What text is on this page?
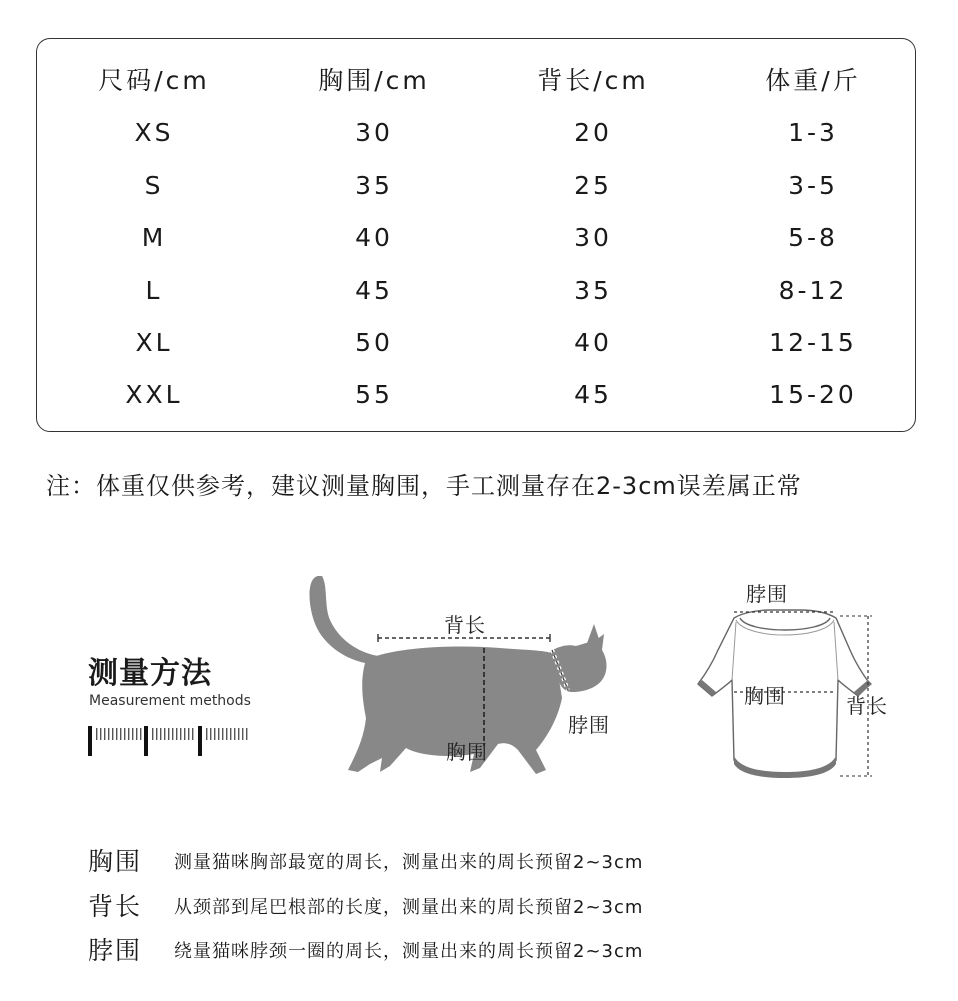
尺码/cm	胸围/cm	背长/cm	体重/斤
XS	30	20	1-3
S	35	25	3-5
M	40	30	5-8
L	45	35	8-12
XL	50	40	12-15
XXL	55	45	15-20
注：体重仅供参考，建议测量胸围，手工测量存在2-3cm误差属正常
测量方法
Measurement methods
背长
胸围
脖围
脖围
胸围	背长
胸围 测量猫咪胸部最宽的周长，测量出来的周长预留2~3cm
背长 从颈部到尾巴根部的长度，测量出来的周长预留2~3cm
脖围 绕量猫咪脖颈一圈的周长，测量出来的周长预留2~3cm
